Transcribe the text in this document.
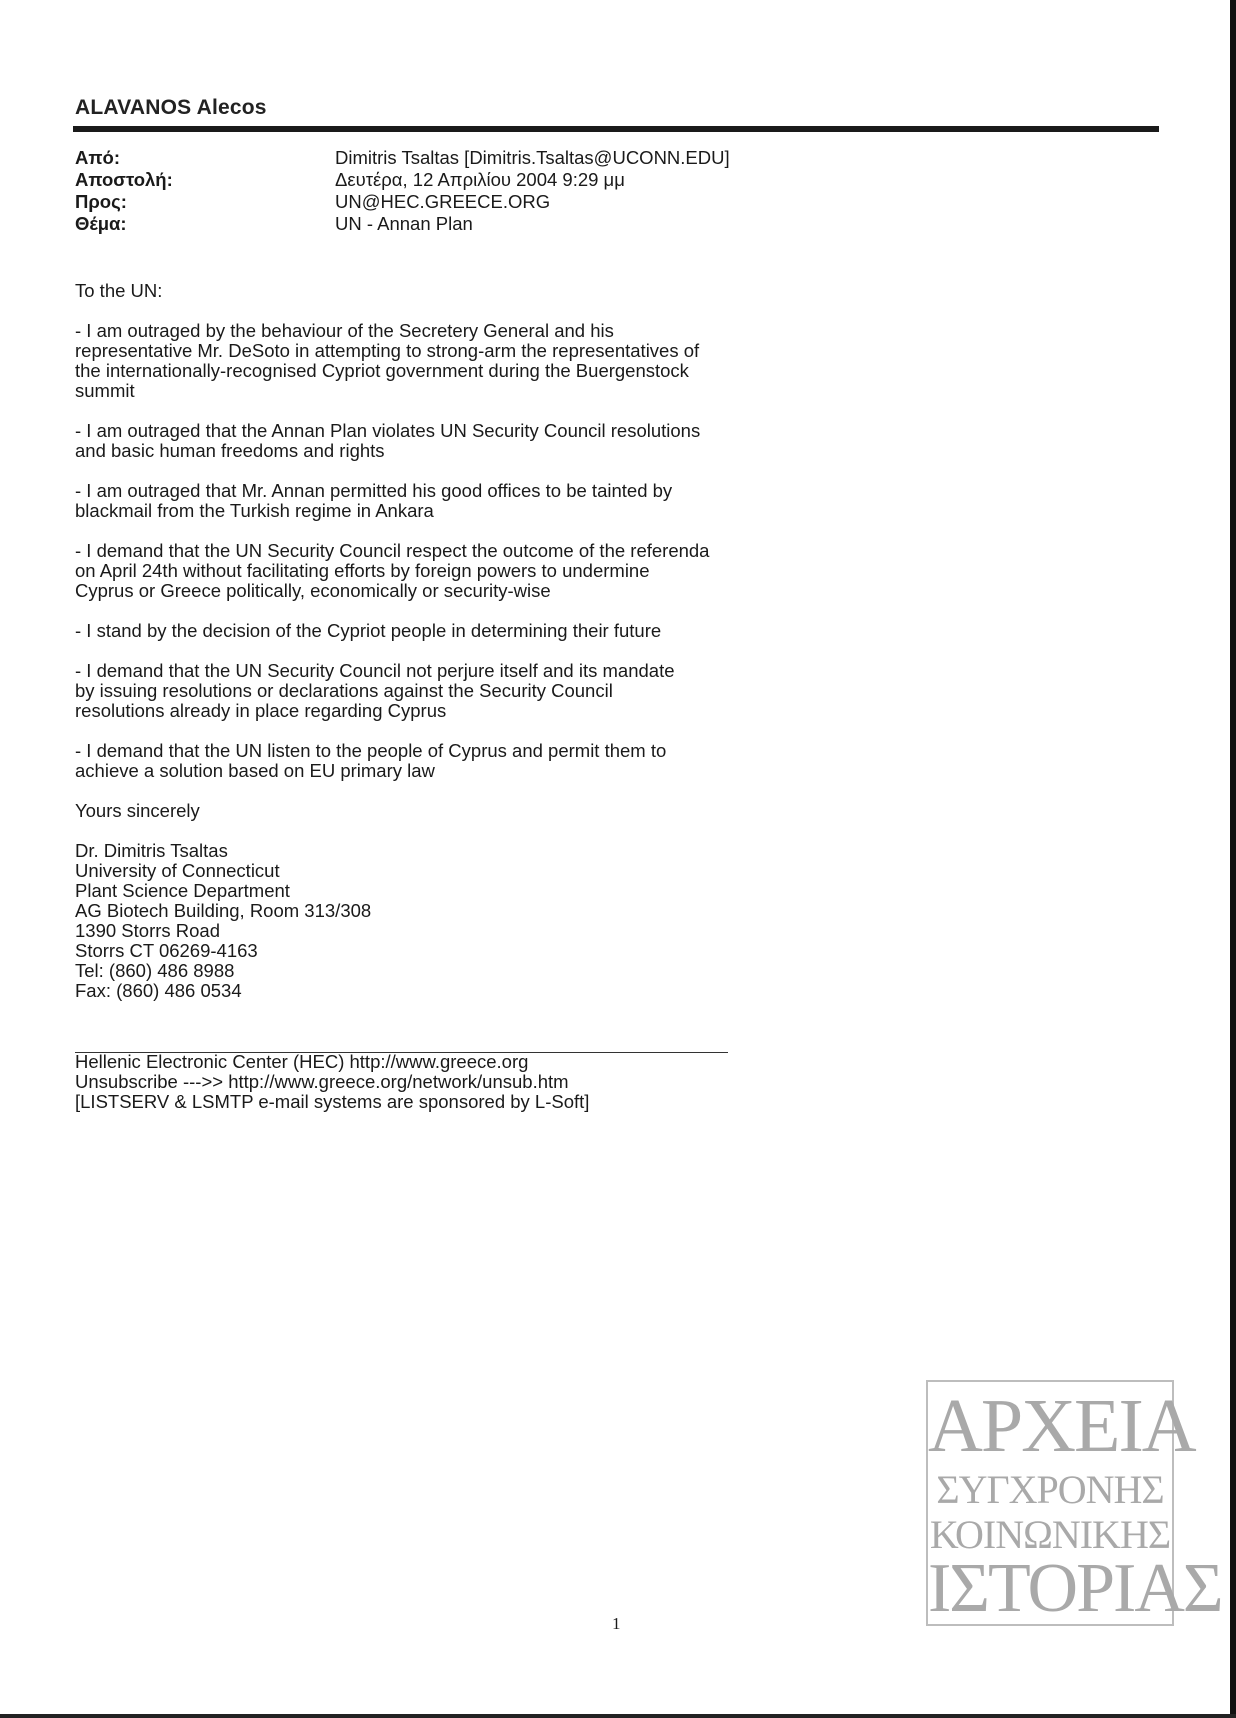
ALAVANOS Alecos
Από:	Dimitris Tsaltas [Dimitris.Tsaltas@UCONN.EDU]
Αποστολή:	Δευτέρα, 12 Απριλίου 2004 9:29 μμ
Προς:	UN@HEC.GREECE.ORG
Θέμα:	UN - Annan Plan

To the UN:

- I am outraged by the behaviour of the Secretery General and his
representative Mr. DeSoto in attempting to strong-arm the representatives of
the internationally-recognised Cypriot government during the Buergenstock
summit

- I am outraged that the Annan Plan violates UN Security Council resolutions
and basic human freedoms and rights

- I am outraged that Mr. Annan permitted his good offices to be tainted by
blackmail from the Turkish regime in Ankara

- I demand that the UN Security Council respect the outcome of the referenda
on April 24th without facilitating efforts by foreign powers to undermine
Cyprus or Greece politically, economically or security-wise

- I stand by the decision of the Cypriot people in determining their future

- I demand that the UN Security Council not perjure itself and its mandate
by issuing resolutions or declarations against the Security Council
resolutions already in place regarding Cyprus

- I demand that the UN listen to the people of Cyprus and permit them to
achieve a solution based on EU primary law

Yours sincerely

Dr. Dimitris Tsaltas
University of Connecticut
Plant Science Department
AG Biotech Building, Room 313/308
1390 Storrs Road
Storrs CT 06269-4163
Tel: (860) 486 8988
Fax: (860) 486 0534

Hellenic Electronic Center (HEC) http://www.greece.org
Unsubscribe --->> http://www.greece.org/network/unsub.htm
[LISTSERV & LSMTP e-mail systems are sponsored by L-Soft]
1
ΑΡΧΕΙΑ
ΣΥΓΧΡΟΝΗΣ
ΚΟΙΝΩΝΙΚΗΣ
ΙΣΤΟΡΙΑΣ
